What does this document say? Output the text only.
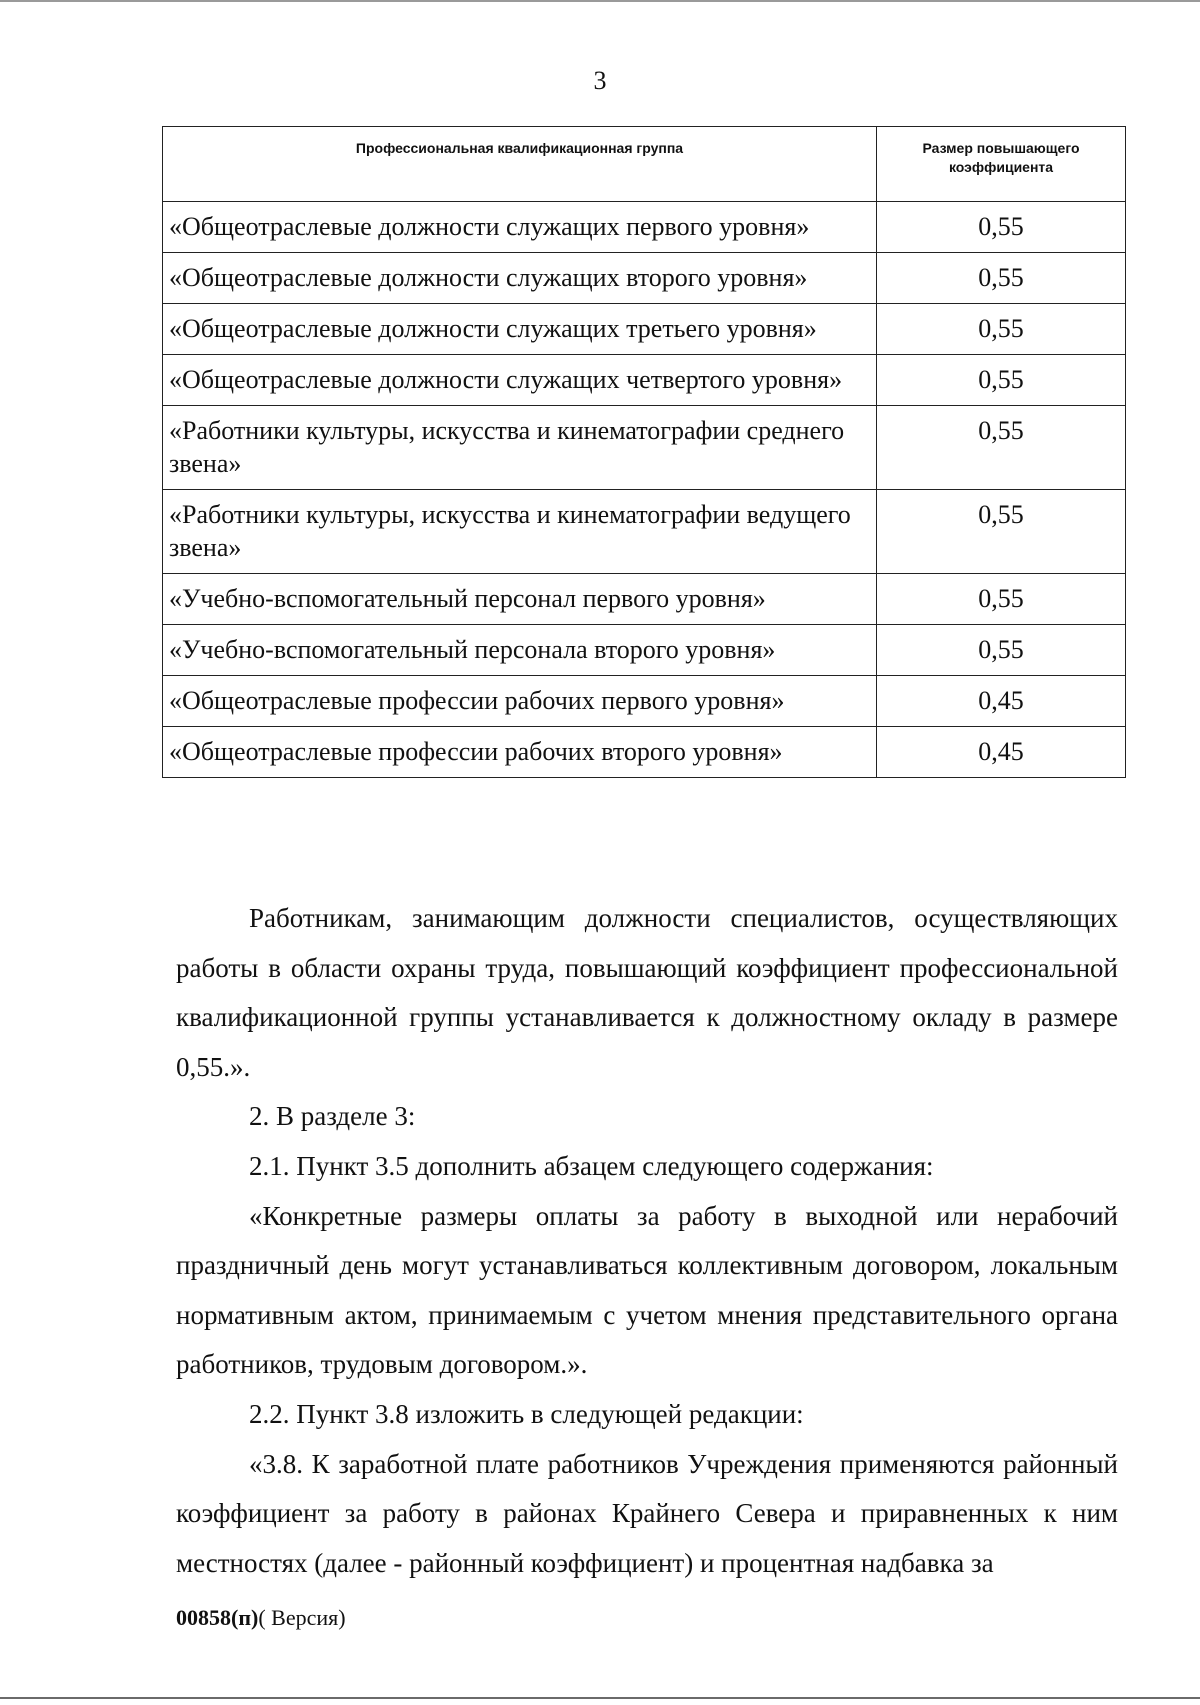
3
Профессиональная квалификационная группа	Размер повышающего коэффициента
«Общеотраслевые должности служащих первого уровня»	0,55
«Общеотраслевые должности служащих второго уровня»	0,55
«Общеотраслевые должности служащих третьего уровня»	0,55
«Общеотраслевые должности служащих четвертого уровня»	0,55
«Работники культуры, искусства и кинематографии среднего звена»	0,55
«Работники культуры, искусства и кинематографии ведущего звена»	0,55
«Учебно-вспомогательный персонал первого уровня»	0,55
«Учебно-вспомогательный персонала второго уровня»	0,55
«Общеотраслевые профессии рабочих первого уровня»	0,45
«Общеотраслевые профессии рабочих второго уровня»	0,45

Работникам, занимающим должности специалистов, осуществляющих работы в области охраны труда, повышающий коэффициент профессиональной квалификационной группы устанавливается к должностному окладу в размере 0,55.».

2. В разделе 3:

2.1. Пункт 3.5 дополнить абзацем следующего содержания:

«Конкретные размеры оплаты за работу в выходной или нерабочий праздничный день могут устанавливаться коллективным договором, локальным нормативным актом, принимаемым с учетом мнения представительного органа работников, трудовым договором.».

2.2. Пункт 3.8 изложить в следующей редакции:

«3.8. К заработной плате работников Учреждения применяются районный коэффициент за работу в районах Крайнего Севера и приравненных к ним местностях (далее - районный коэффициент) и процентная надбавка за

00858(п)( Версия)
